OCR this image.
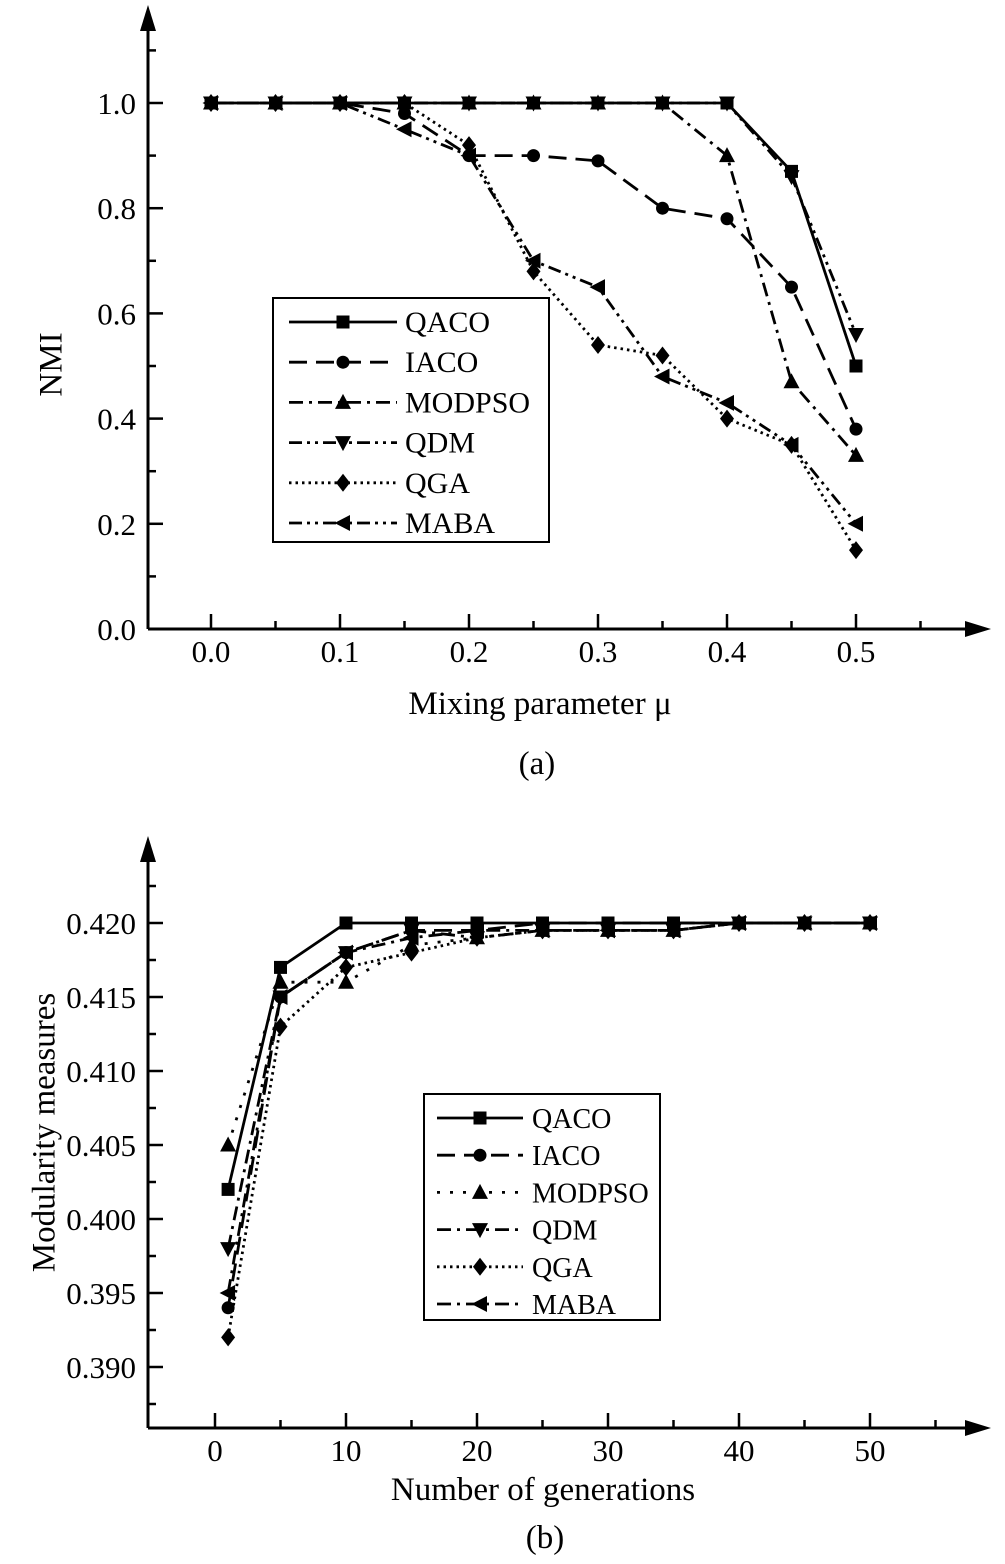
0.0	0.1	0.2	0.3	0.4	0.5
0.0
0.2
0.4
0.6
0.8
1.0
QACO
IACO
MODPSO
QDM
QGA
MABA
0	10	20	30	40	50
0.390
0.395
0.400
0.405
0.410
0.415
0.420
QACO
IACO
MODPSO
QDM
QGA
MABA
NMI
Mixing parameter μ
(a)
Modularity measures
Number of generations
(b)
